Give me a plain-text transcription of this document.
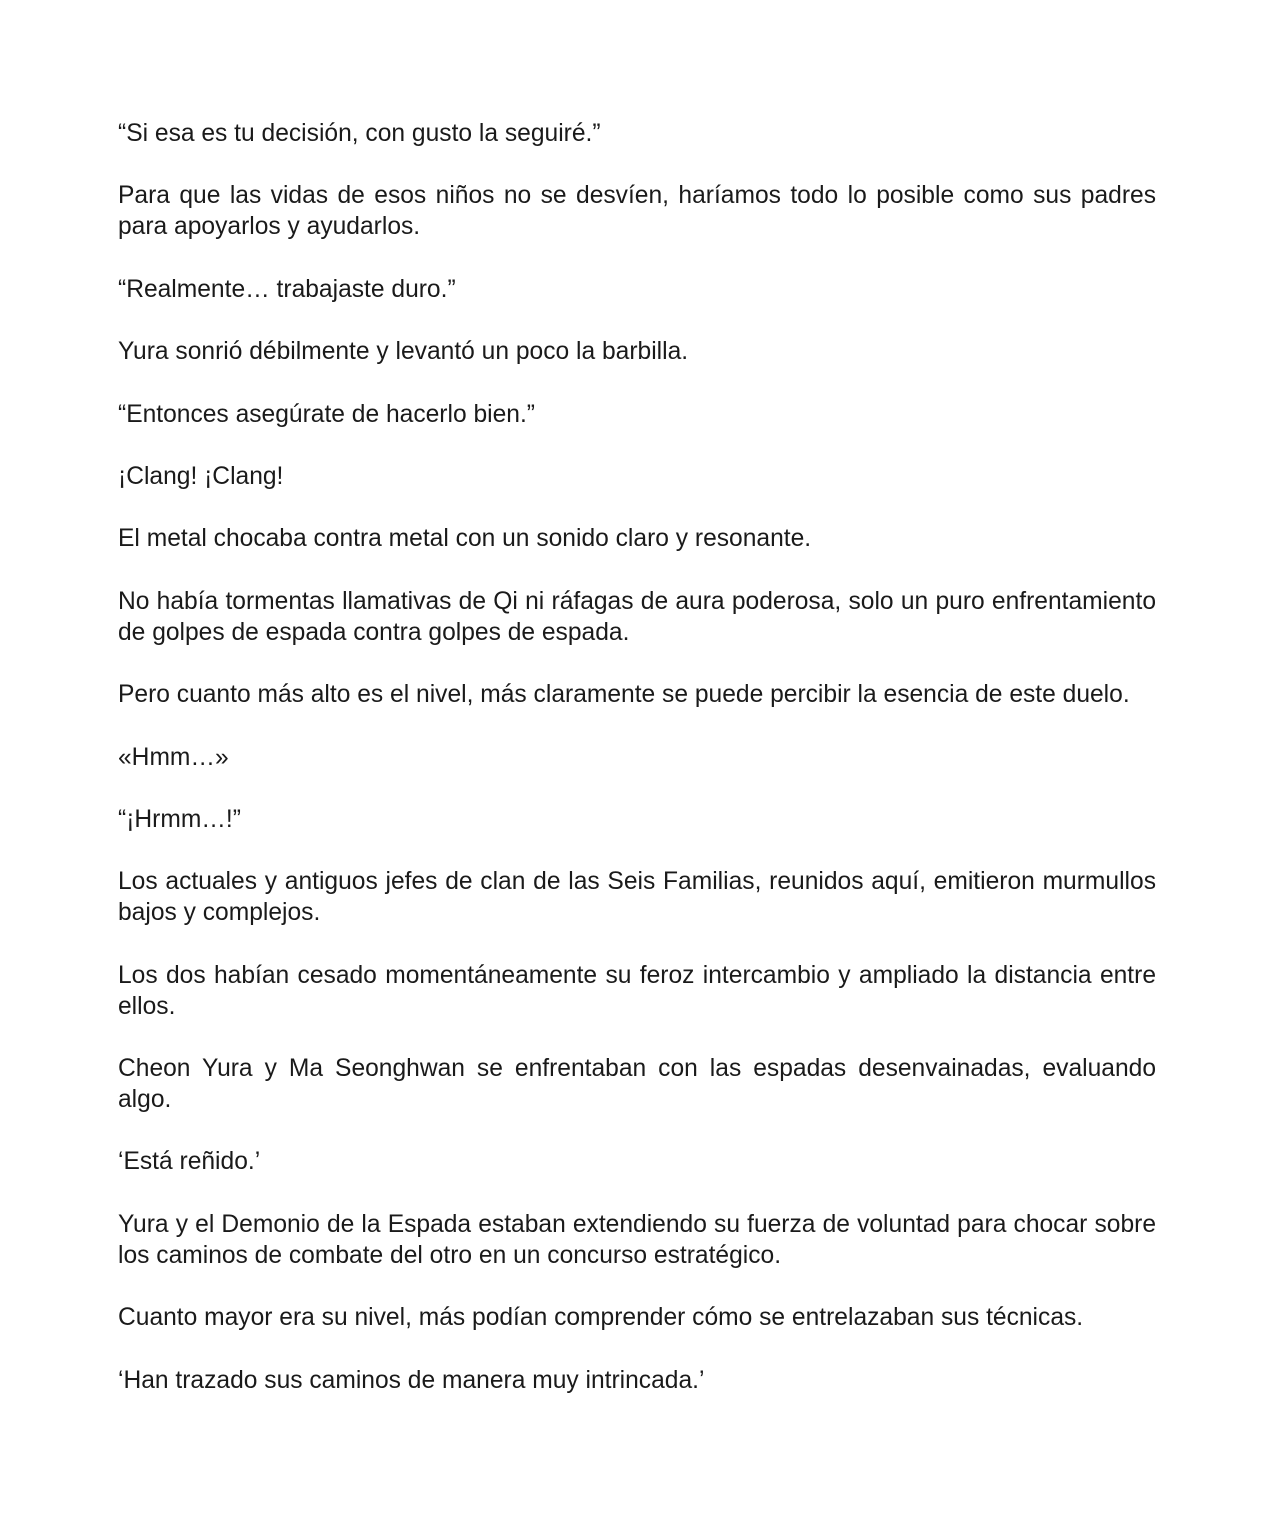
“Si esa es tu decisión, con gusto la seguiré.”

Para que las vidas de esos niños no se desvíen, haríamos todo lo posible como sus padres para apoyarlos y ayudarlos.

“Realmente… trabajaste duro.”

Yura sonrió débilmente y levantó un poco la barbilla.

“Entonces asegúrate de hacerlo bien.”

¡Clang! ¡Clang!

El metal chocaba contra metal con un sonido claro y resonante.

No había tormentas llamativas de Qi ni ráfagas de aura poderosa, solo un puro enfrentamiento de golpes de espada contra golpes de espada.

Pero cuanto más alto es el nivel, más claramente se puede percibir la esencia de este duelo.

«Hmm…»

“¡Hrmm…!”

Los actuales y antiguos jefes de clan de las Seis Familias, reunidos aquí, emitieron murmullos bajos y complejos.

Los dos habían cesado momentáneamente su feroz intercambio y ampliado la distancia entre ellos.

Cheon Yura y Ma Seonghwan se enfrentaban con las espadas desenvainadas, evaluando algo.

‘Está reñido.’

Yura y el Demonio de la Espada estaban extendiendo su fuerza de voluntad para chocar sobre los caminos de combate del otro en un concurso estratégico.

Cuanto mayor era su nivel, más podían comprender cómo se entrelazaban sus técnicas.

‘Han trazado sus caminos de manera muy intrincada.’
